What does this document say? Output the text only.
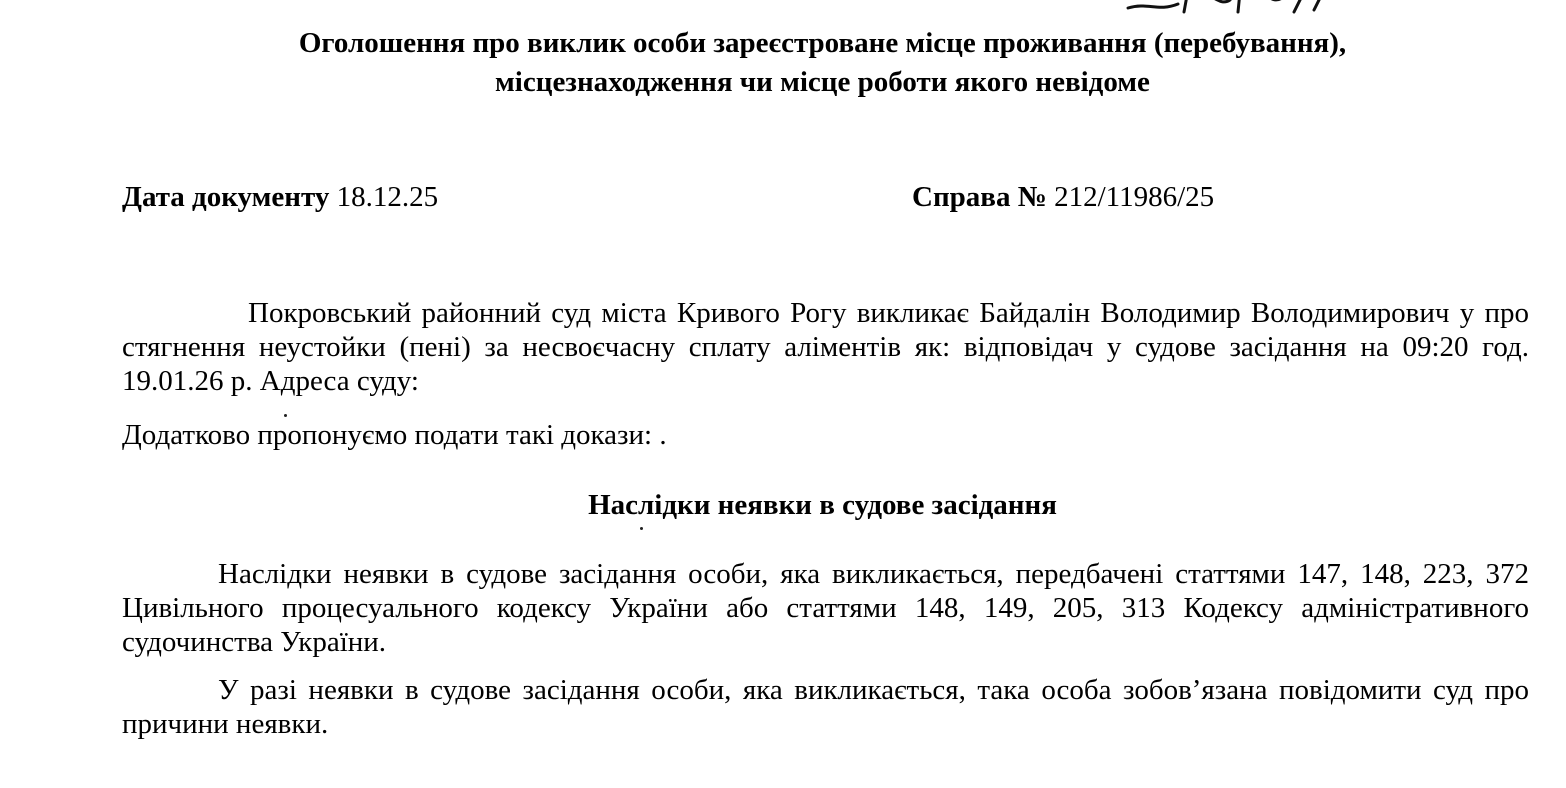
Оголошення про виклик особи зареєстроване місце проживання (перебування),
місцезнаходження чи місце роботи якого невідоме
Дата документу 18.12.25	Справа № 212/11986/25
Покровський районний суд міста Кривого Рогу викликає Байдалін Володимир Володимирович у про стягнення неустойки (пені) за несвоєчасну сплату аліментів як: відповідач у судове засідання на 09:20 год. 19.01.26 р. Адреса суду:
Додатково пропонуємо подати такі докази: .
Наслідки неявки в судове засідання
Наслідки неявки в судове засідання особи, яка викликається, передбачені статтями 147, 148, 223, 372 Цивільного процесуального кодексу України або статтями 148, 149, 205, 313 Кодексу адміністративного судочинства України.
У разі неявки в судове засідання особи, яка викликається, така особа зобов’язана повідомити суд про причини неявки.
